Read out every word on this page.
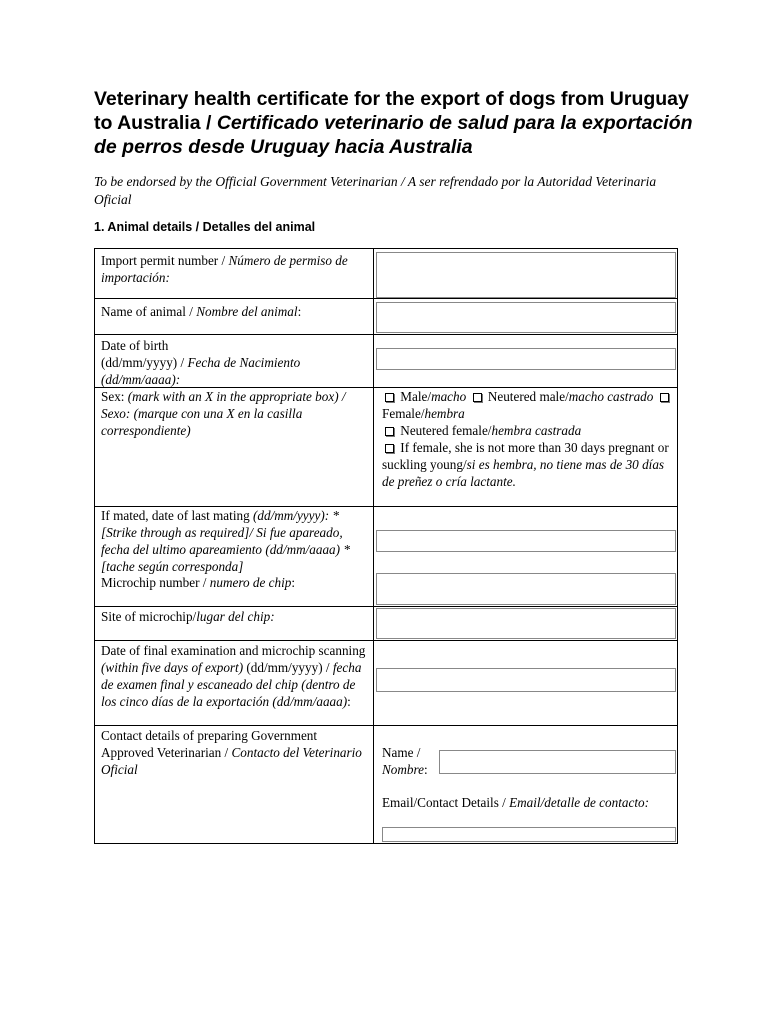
Veterinary health certificate for the export of dogs from Uruguay to Australia / Certificado veterinario de salud para la exportación de perros desde Uruguay hacia Australia
To be endorsed by the Official Government Veterinarian / A ser refrendado por la Autoridad Veterinaria Oficial
1. Animal details / Detalles del animal
Import permit number / Número de permiso de importación:
Name of animal / Nombre del animal:
Date of birth
(dd/mm/yyyy) / Fecha de Nacimiento (dd/mm/aaaa):
Sex: (mark with an X in the appropriate box) / Sexo: (marque con una X en la casilla correspondiente)
Male/macho Neutered male/macho castrado  Female/hembra
Neutered female/hembra castrada
If female, she is not more than 30 days pregnant or suckling young/si es hembra, no tiene mas de 30 días de preñez o cría lactante.
If mated, date of last mating (dd/mm/yyyy): *[Strike through as required]/ Si fue apareado, fecha del ultimo apareamiento (dd/mm/aaaa) *[tache según corresponda]
Microchip number / numero de chip:
Site of microchip/lugar del chip:
Date of final examination and microchip scanning (within five days of export) (dd/mm/yyyy) / fecha de examen final y escaneado del chip (dentro de los cinco días de la exportación (dd/mm/aaaa):
Contact details of preparing Government Approved Veterinarian / Contacto del Veterinario Oficial
Name /
Nombre:
Email/Contact Details / Email/detalle de contacto:
